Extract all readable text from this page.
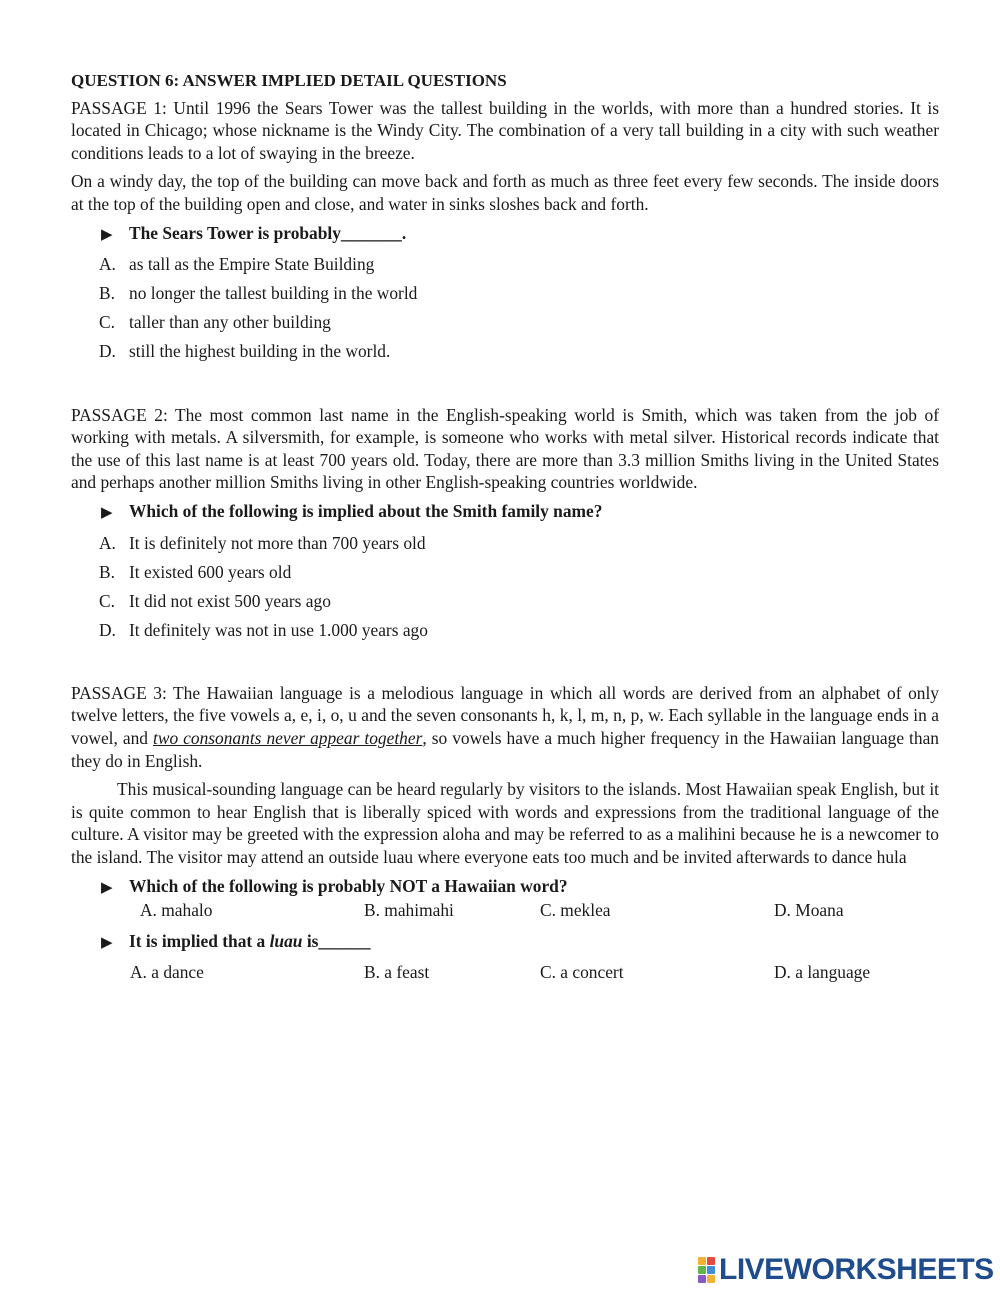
QUESTION 6: ANSWER IMPLIED DETAIL QUESTIONS

PASSAGE 1: Until 1996 the Sears Tower was the tallest building in the worlds, with more than a hundred stories. It is located in Chicago; whose nickname is the Windy City. The combination of a very tall building in a city with such weather conditions leads to a lot of swaying in the breeze.

On a windy day, the top of the building can move back and forth as much as three feet every few seconds. The inside doors at the top of the building open and close, and water in sinks sloshes back and forth.

▶ The Sears Tower is probably_______.
A. as tall as the Empire State Building
B. no longer the tallest building in the world
C. taller than any other building
D. still the highest building in the world.

PASSAGE 2: The most common last name in the English-speaking world is Smith, which was taken from the job of working with metals. A silversmith, for example, is someone who works with metal silver. Historical records indicate that the use of this last name is at least 700 years old. Today, there are more than 3.3 million Smiths living in the United States and perhaps another million Smiths living in other English-speaking countries worldwide.

▶ Which of the following is implied about the Smith family name?
A. It is definitely not more than 700 years old
B. It existed 600 years old
C. It did not exist 500 years ago
D. It definitely was not in use 1.000 years ago

PASSAGE 3: The Hawaiian language is a melodious language in which all words are derived from an alphabet of only twelve letters, the five vowels a, e, i, o, u and the seven consonants h, k, l, m, n, p, w. Each syllable in the language ends in a vowel, and two consonants never appear together, so vowels have a much higher frequency in the Hawaiian language than they do in English.

This musical-sounding language can be heard regularly by visitors to the islands. Most Hawaiian speak English, but it is quite common to hear English that is liberally spiced with words and expressions from the traditional language of the culture. A visitor may be greeted with the expression aloha and may be referred to as a malihini because he is a newcomer to the island. The visitor may attend an outside luau where everyone eats too much and be invited afterwards to dance hula

▶ Which of the following is probably NOT a Hawaiian word?
A. mahalo	B. mahimahi	C. meklea	D. Moana
▶ It is implied that a luau is______
A. a dance	B. a feast	C. a concert	D. a language
LIVEWORKSHEETS
